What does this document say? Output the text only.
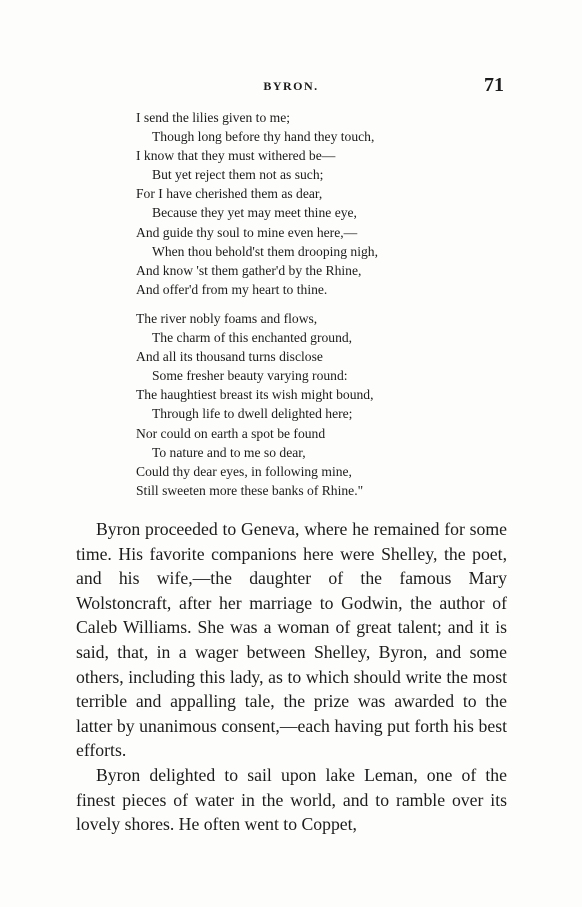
BYRON.	71
I send the lilies given to me;
Though long before thy hand they touch,
I know that they must withered be—
But yet reject them not as such;
For I have cherished them as dear,
Because they yet may meet thine eye,
And guide thy soul to mine even here,—
When thou behold'st them drooping nigh,
And know 'st them gather'd by the Rhine,
And offer'd from my heart to thine.
The river nobly foams and flows,
The charm of this enchanted ground,
And all its thousand turns disclose
Some fresher beauty varying round:
The haughtiest breast its wish might bound,
Through life to dwell delighted here;
Nor could on earth a spot be found
To nature and to me so dear,
Could thy dear eyes, in following mine,
Still sweeten more these banks of Rhine."

Byron proceeded to Geneva, where he remained for some time. His favorite companions here were Shelley, the poet, and his wife,—the daughter of the famous Mary Wolstoncraft, after her marriage to Godwin, the author of Caleb Williams. She was a woman of great talent; and it is said, that, in a wager between Shelley, Byron, and some others, including this lady, as to which should write the most terrible and appalling tale, the prize was awarded to the latter by unanimous consent,—each having put forth his best efforts.

Byron delighted to sail upon lake Leman, one of the finest pieces of water in the world, and to ramble over its lovely shores. He often went to Coppet,
